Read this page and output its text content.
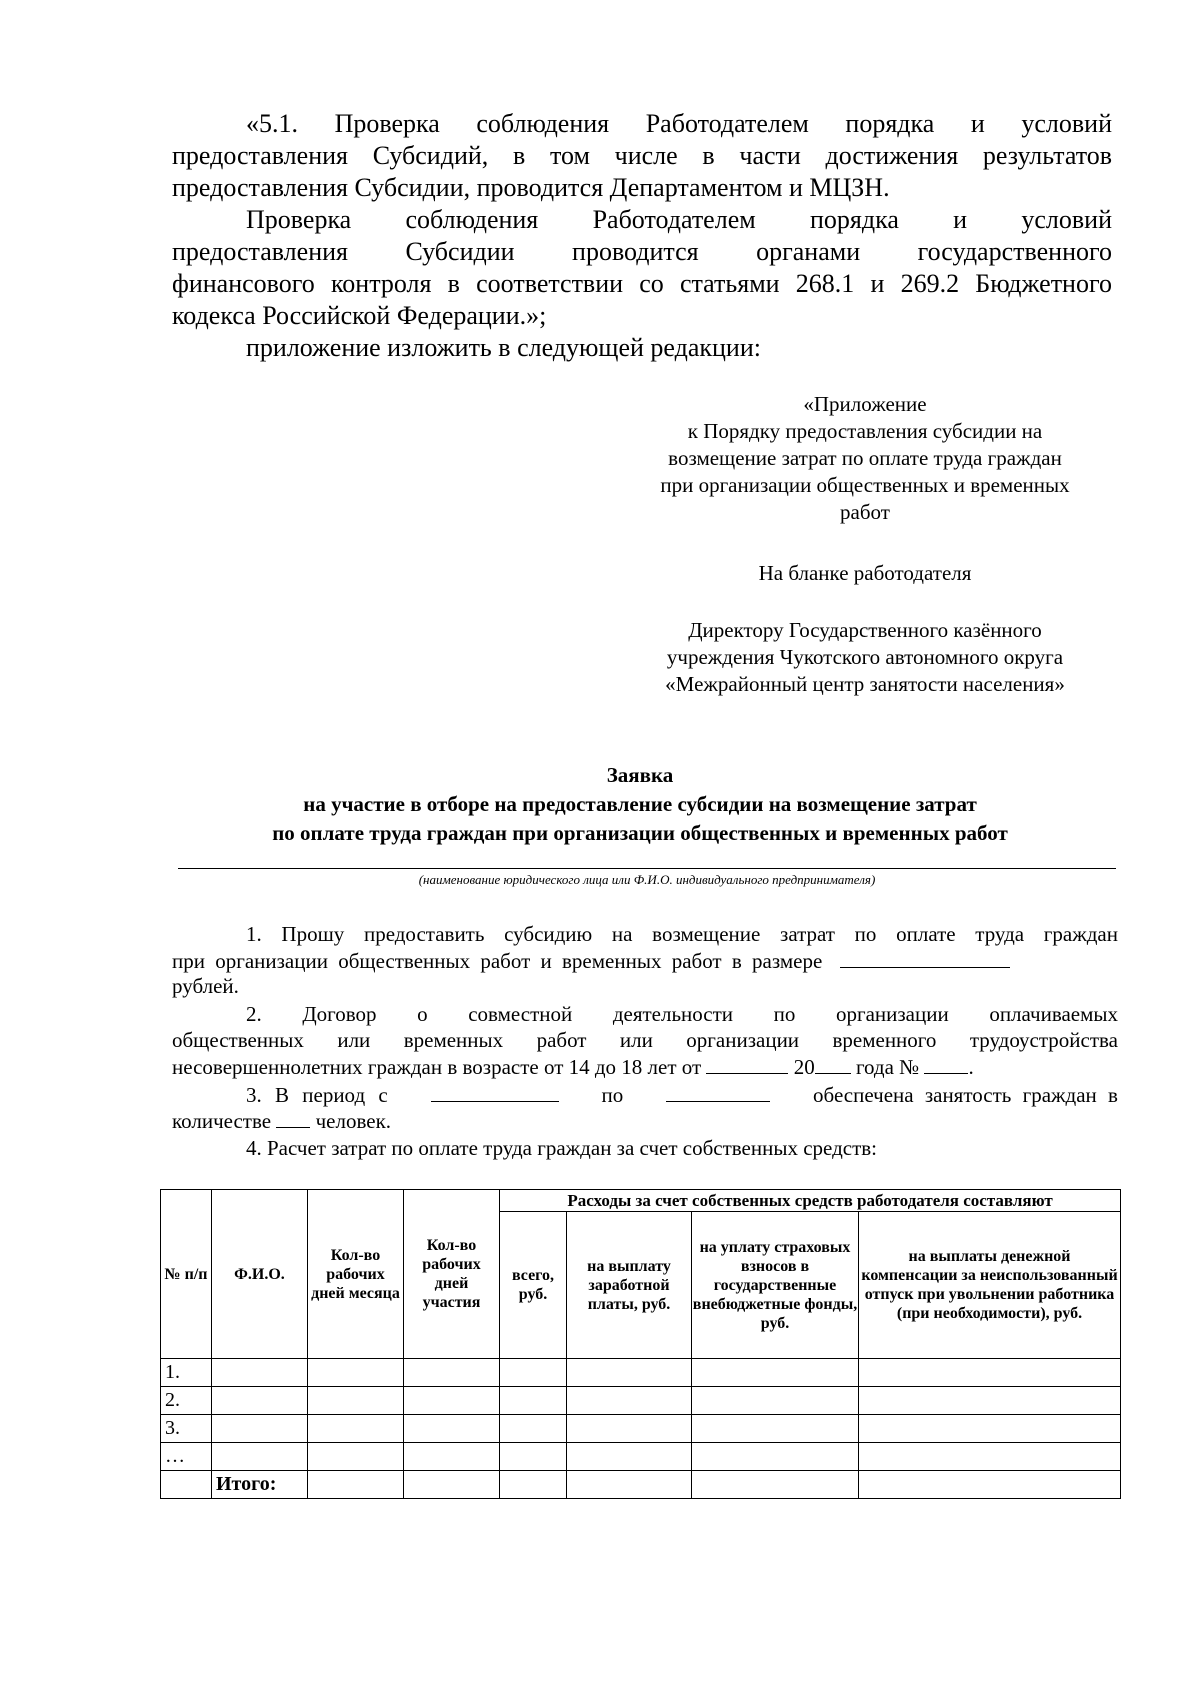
«5.1. Проверка соблюдения Работодателем порядка и условий
предоставления Субсидий, в том числе в части достижения результатов
предоставления Субсидии, проводится Департаментом и МЦЗН.
Проверка соблюдения Работодателем порядка и условий
предоставления Субсидии проводится органами государственного
финансового контроля в соответствии со статьями 268.1 и 269.2 Бюджетного
кодекса Российской Федерации.»;
приложение изложить в следующей редакции:
«Приложение
к Порядку предоставления субсидии на
возмещение затрат по оплате труда граждан
при организации общественных и временных
работ
На бланке работодателя
Директору Государственного казённого
учреждения Чукотского автономного округа
«Межрайонный центр занятости населения»
Заявка
на участие в отборе на предоставление субсидии на возмещение затрат
по оплате труда граждан при организации общественных и временных работ
(наименование юридического лица или Ф.И.О. индивидуального предпринимателя)
1. Прошу предоставить субсидию на возмещение затрат по оплате труда граждан
при организации общественных работ и временных работ в размере
рублей.
2. Договор о совместной деятельности по организации оплачиваемых
общественных или временных работ или организации временного трудоустройства
несовершеннолетних граждан в возрасте от 14 до 18 лет от	20 года № .
3. В период с	по	обеспечена занятость граждан в
количестве человек.
4. Расчет затрат по оплате труда граждан за счет собственных средств:
№ п/п	Ф.И.О.	Кол-во рабочих дней месяца	Кол-во рабочих дней участия	Расходы за счет собственных средств работодателя составляют			
				всего, руб.	на выплату заработной платы, руб.	на уплату страховых взносов в государственные внебюджетные фонды, руб.	на выплаты денежной компенсации за неиспользованный отпуск при увольнении работника (при необходимости), руб.
1.							
2.							
3.							
…							
	Итого:						
